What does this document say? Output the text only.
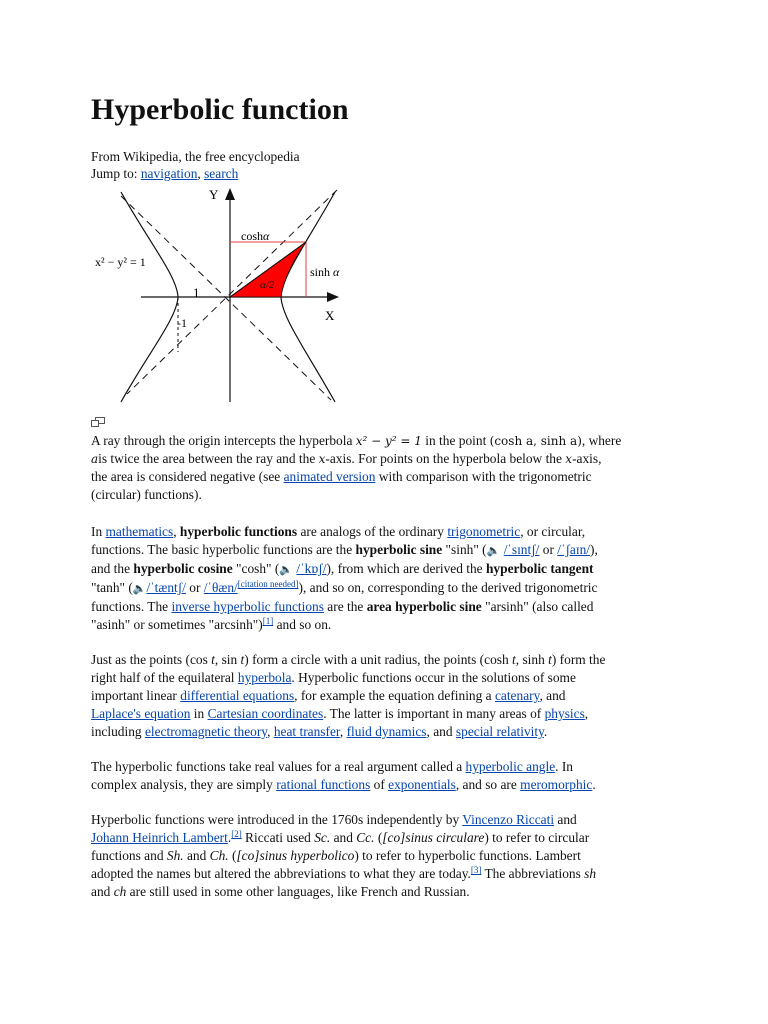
Hyperbolic function
From Wikipedia, the free encyclopedia
Jump to: navigation, search
Y
X
coshα
sinh α
α/2
x² − y² = 1
1
-1

A ray through the origin intercepts the hyperbola x² − y² = 1 in the point (cosh a, sinh a), where
ais twice the area between the ray and the x-axis. For points on the hyperbola below the x-axis,
the area is considered negative (see animated version with comparison with the trigonometric
(circular) functions).

In mathematics, hyperbolic functions are analogs of the ordinary trigonometric, or circular,
functions. The basic hyperbolic functions are the hyperbolic sine "sinh" (🔈 /ˈsɪntʃ/ or /ˈʃaɪn/),
and the hyperbolic cosine "cosh" (🔈 /ˈkɒʃ/), from which are derived the hyperbolic tangent
"tanh" (🔈/ˈtæntʃ/ or /ˈθæn/[citation needed]), and so on, corresponding to the derived trigonometric
functions. The inverse hyperbolic functions are the area hyperbolic sine "arsinh" (also called
"asinh" or sometimes "arcsinh")[1] and so on.

Just as the points (cos t, sin t) form a circle with a unit radius, the points (cosh t, sinh t) form the
right half of the equilateral hyperbola. Hyperbolic functions occur in the solutions of some
important linear differential equations, for example the equation defining a catenary, and
Laplace's equation in Cartesian coordinates. The latter is important in many areas of physics,
including electromagnetic theory, heat transfer, fluid dynamics, and special relativity.

The hyperbolic functions take real values for a real argument called a hyperbolic angle. In
complex analysis, they are simply rational functions of exponentials, and so are meromorphic.

Hyperbolic functions were introduced in the 1760s independently by Vincenzo Riccati and
Johann Heinrich Lambert.[2] Riccati used Sc. and Cc. ([co]sinus circulare) to refer to circular
functions and Sh. and Ch. ([co]sinus hyperbolico) to refer to hyperbolic functions. Lambert
adopted the names but altered the abbreviations to what they are today.[3] The abbreviations sh
and ch are still used in some other languages, like French and Russian.
